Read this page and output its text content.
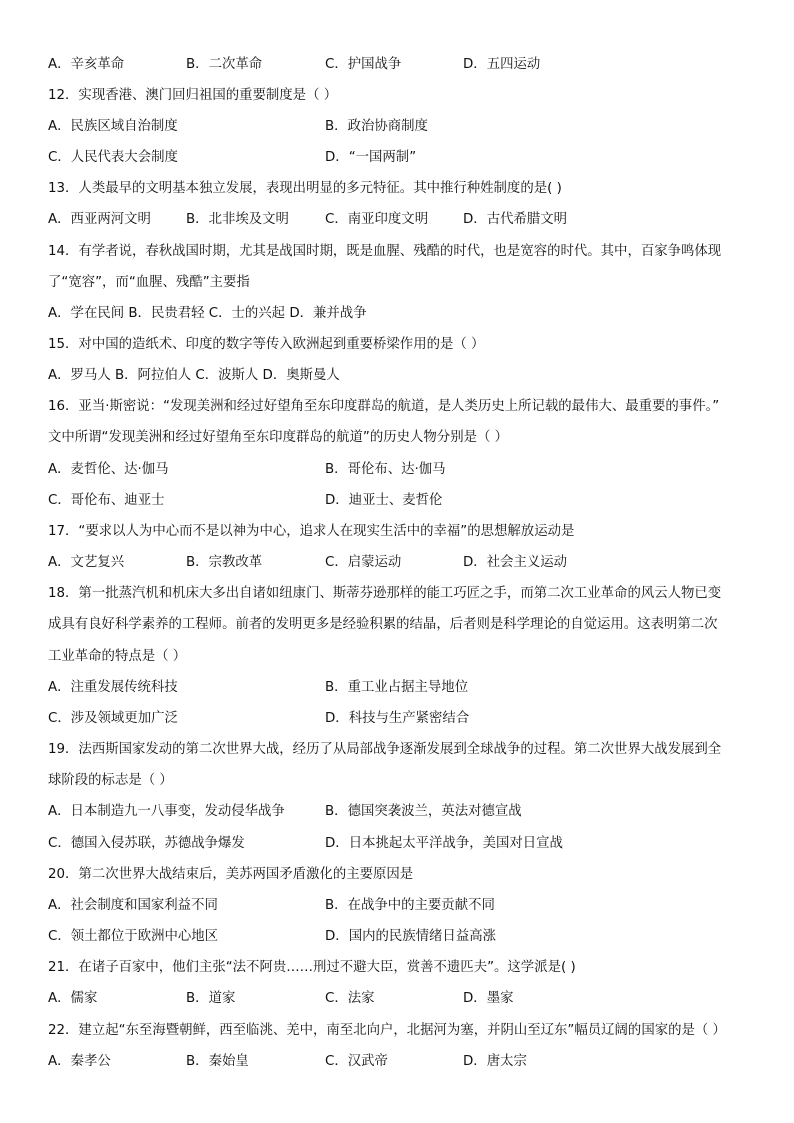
A．辛亥革命	B．二次革命	C．护国战争	D．五四运动
12．实现香港、澳门回归祖国的重要制度是（ ）
A．民族区域自治制度	B．政治协商制度
C．人民代表大会制度	D．“一国两制”
13．人类最早的文明基本独立发展，表现出明显的多元特征。其中推行种姓制度的是( )
A．西亚两河文明	B．北非埃及文明	C．南亚印度文明	D．古代希腊文明
14．有学者说，春秋战国时期，尤其是战国时期，既是血腥、残酷的时代，也是宽容的时代。其中，百家争鸣体现
了“宽容”，而“血腥、残酷”主要指
A．学在民间 B．民贵君轻 C．士的兴起 D．兼并战争
15．对中国的造纸术、印度的数字等传入欧洲起到重要桥梁作用的是（ ）
A．罗马人 B．阿拉伯人 C．波斯人 D．奥斯曼人
16．亚当·斯密说：“发现美洲和经过好望角至东印度群岛的航道，是人类历史上所记载的最伟大、最重要的事件。”
文中所谓“发现美洲和经过好望角至东印度群岛的航道”的历史人物分别是（ ）
A．麦哲伦、达·伽马	B．哥伦布、达·伽马
C．哥伦布、迪亚士	D．迪亚士、麦哲伦
17．“要求以人为中心而不是以神为中心，追求人在现实生活中的幸福”的思想解放运动是
A．文艺复兴	B．宗教改革	C．启蒙运动	D．社会主义运动
18．第一批蒸汽机和机床大多出自诸如纽康门、斯蒂芬逊那样的能工巧匠之手，而第二次工业革命的风云人物已变
成具有良好科学素养的工程师。前者的发明更多是经验积累的结晶，后者则是科学理论的自觉运用。这表明第二次
工业革命的特点是（ ）
A．注重发展传统科技	B．重工业占据主导地位
C．涉及领域更加广泛	D．科技与生产紧密结合
19．法西斯国家发动的第二次世界大战，经历了从局部战争逐渐发展到全球战争的过程。第二次世界大战发展到全
球阶段的标志是（ ）
A．日本制造九一八事变，发动侵华战争	B．德国突袭波兰，英法对德宣战
C．德国入侵苏联，苏德战争爆发	D．日本挑起太平洋战争，美国对日宣战
20．第二次世界大战结束后，美苏两国矛盾激化的主要原因是
A．社会制度和国家利益不同	B．在战争中的主要贡献不同
C．领土都位于欧洲中心地区	D．国内的民族情绪日益高涨
21．在诸子百家中，他们主张“法不阿贵……刑过不避大臣，赏善不遗匹夫”。这学派是( )
A．儒家	B．道家	C．法家	D．墨家
22．建立起“东至海暨朝鲜，西至临洮、羌中，南至北向户，北据河为塞，并阴山至辽东”幅员辽阔的国家的是（ ）
A．秦孝公	B．秦始皇	C．汉武帝	D．唐太宗
